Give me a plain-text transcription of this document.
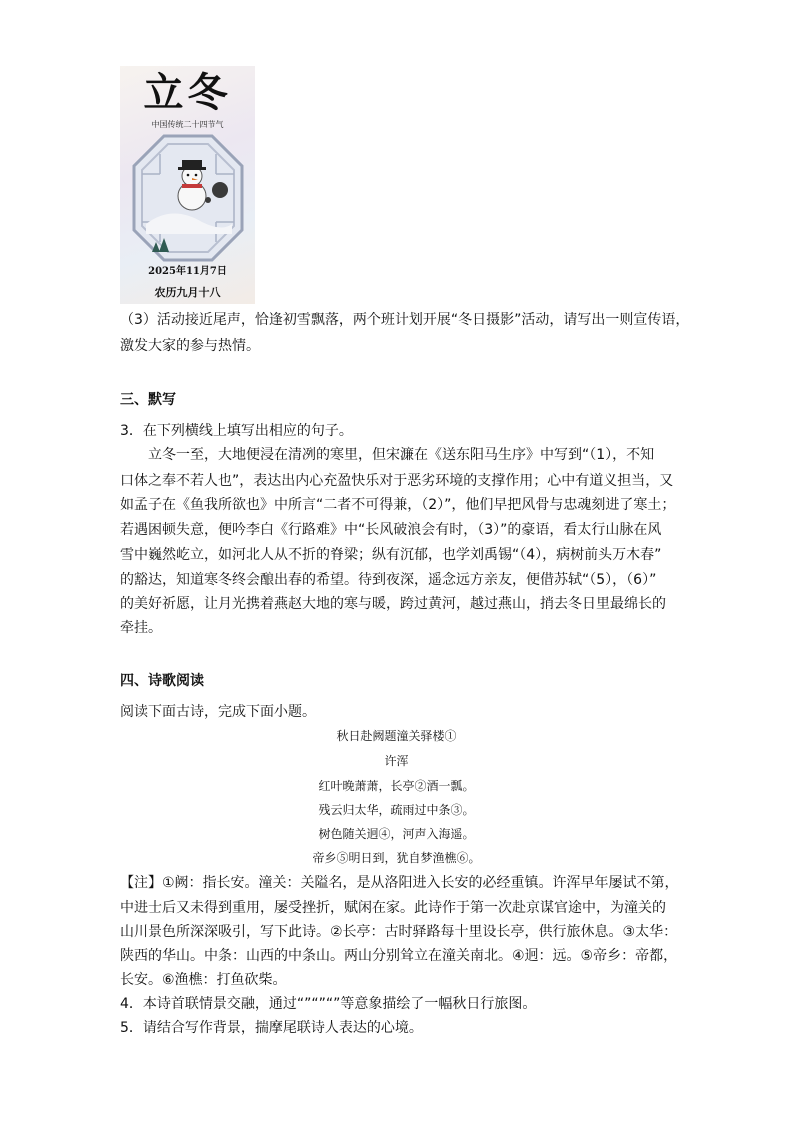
立冬
中国传统二十四节气
2025年11月7日
农历九月十八
（3）活动接近尾声，恰逢初雪飘落，两个班计划开展“冬日摄影”活动，请写出一则宣传语，
激发大家的参与热情。
三、默写
3．在下列横线上填写出相应的句子。
立冬一至，大地便浸在清冽的寒里，但宋濂在《送东阳马生序》中写到“（1），不知
口体之奉不若人也”，表达出内心充盈快乐对于恶劣环境的支撑作用；心中有道义担当，又
如孟子在《鱼我所欲也》中所言“二者不可得兼，（2）”，他们早把风骨与忠魂刻进了寒土；
若遇困顿失意，便吟李白《行路难》中“长风破浪会有时，（3）”的豪语，看太行山脉在风
雪中巍然屹立，如河北人从不折的脊梁；纵有沉郁，也学刘禹锡“（4），病树前头万木春”
的豁达，知道寒冬终会酿出春的希望。待到夜深，遥念远方亲友，便借苏轼“（5），（6）”
的美好祈愿，让月光携着燕赵大地的寒与暖，跨过黄河，越过燕山，捎去冬日里最绵长的
牵挂。
四、诗歌阅读
阅读下面古诗，完成下面小题。
秋日赴阙题潼关驿楼①
许浑
红叶晚萧萧，长亭②酒一瓢。
残云归太华，疏雨过中条③。
树色随关迥④，河声入海遥。
帝乡⑤明日到，犹自梦渔樵⑥。
【注】①阙：指长安。潼关：关隘名，是从洛阳进入长安的必经重镇。许浑早年屡试不第，
中进士后又未得到重用，屡受挫折，赋闲在家。此诗作于第一次赴京谋官途中，为潼关的
山川景色所深深吸引，写下此诗。②长亭：古时驿路每十里设长亭，供行旅休息。③太华：
陕西的华山。中条：山西的中条山。两山分别耸立在潼关南北。④迥：远。⑤帝乡：帝都，
长安。⑥渔樵：打鱼砍柴。
4．本诗首联情景交融，通过“”“”“”等意象描绘了一幅秋日行旅图。
5．请结合写作背景，揣摩尾联诗人表达的心境。
